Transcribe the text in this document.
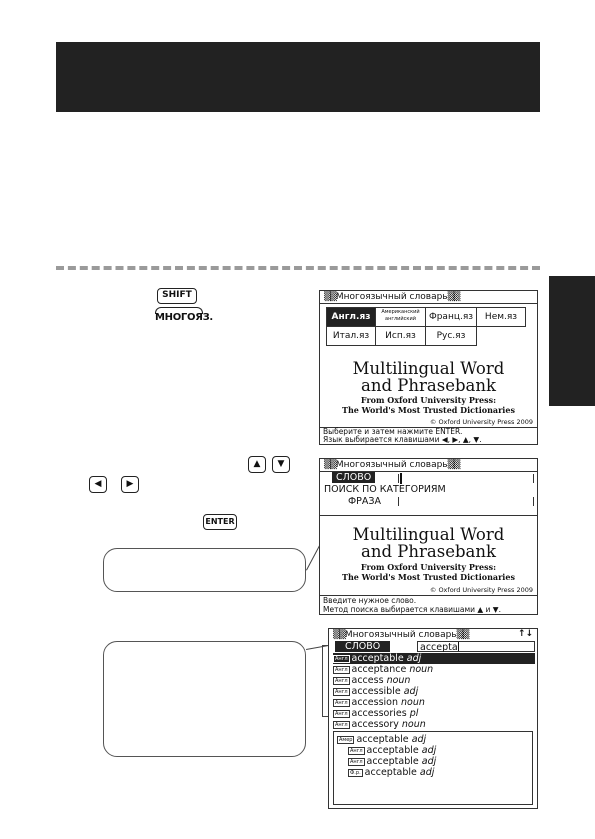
SHIFT
МНОГОЯЗ.
▲	▼
◀	▶
ENTER
▒▒Многоязычный словарь▒▒
Англ.яз	Американский английский	Франц.яз	Нем.яз
Итал.яз	Исп.яз	Рус.яз
Multilingual Word
and Phrasebank
From Oxford University Press:
The World's Most Trusted Dictionaries
© Oxford University Press 2009
Выберите и затем нажмите ENTER.
Язык выбирается клавишами ◀, ▶, ▲, ▼.
▒▒Многоязычный словарь▒▒
СЛОВО
ПОИСК ПО КАТЕГОРИЯМ
ФРАЗА
Multilingual Word
and Phrasebank
From Oxford University Press:
The World's Most Trusted Dictionaries
© Oxford University Press 2009
Введите нужное слово.
Метод поиска выбирается клавишами ▲ и ▼.
▒▒Многоязычный словарь▒▒	↑↓
СЛОВО	accepta
Англ acceptable adj
Англ acceptance noun
Англ access noun
Англ accessible adj
Англ accession noun
Англ accessories pl
Англ accessory noun
Амер acceptable adj
Англ acceptable adj
Англ acceptable adj
Ф.р. acceptable adj
